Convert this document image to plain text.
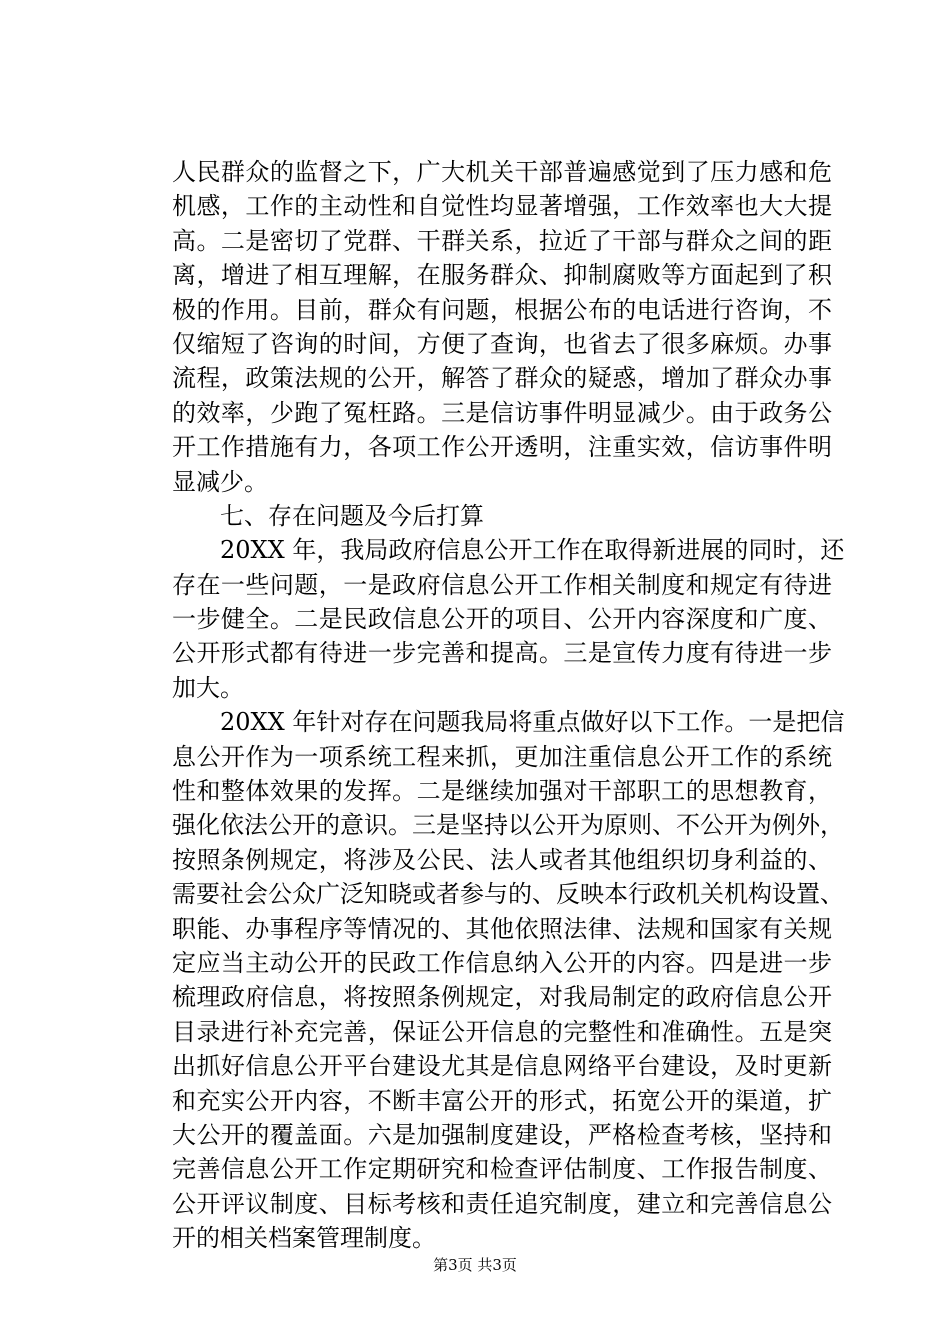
人民群众的监督之下，广大机关干部普遍感觉到了压力感和危
机感，工作的主动性和自觉性均显著增强，工作效率也大大提
高。二是密切了党群、干群关系，拉近了干部与群众之间的距
离，增进了相互理解，在服务群众、抑制腐败等方面起到了积
极的作用。目前，群众有问题，根据公布的电话进行咨询，不
仅缩短了咨询的时间，方便了查询，也省去了很多麻烦。办事
流程，政策法规的公开，解答了群众的疑惑，增加了群众办事
的效率，少跑了冤枉路。三是信访事件明显减少。由于政务公
开工作措施有力，各项工作公开透明，注重实效，信访事件明
显减少。
七、存在问题及今后打算
20XX 年，我局政府信息公开工作在取得新进展的同时，还
存在一些问题，一是政府信息公开工作相关制度和规定有待进
一步健全。二是民政信息公开的项目、公开内容深度和广度、
公开形式都有待进一步完善和提高。三是宣传力度有待进一步
加大。
20XX 年针对存在问题我局将重点做好以下工作。一是把信
息公开作为一项系统工程来抓，更加注重信息公开工作的系统
性和整体效果的发挥。二是继续加强对干部职工的思想教育，
强化依法公开的意识。三是坚持以公开为原则、不公开为例外，
按照条例规定，将涉及公民、法人或者其他组织切身利益的、
需要社会公众广泛知晓或者参与的、反映本行政机关机构设置、
职能、办事程序等情况的、其他依照法律、法规和国家有关规
定应当主动公开的民政工作信息纳入公开的内容。四是进一步
梳理政府信息，将按照条例规定，对我局制定的政府信息公开
目录进行补充完善，保证公开信息的完整性和准确性。五是突
出抓好信息公开平台建设尤其是信息网络平台建设，及时更新
和充实公开内容，不断丰富公开的形式，拓宽公开的渠道，扩
大公开的覆盖面。六是加强制度建设，严格检查考核，坚持和
完善信息公开工作定期研究和检查评估制度、工作报告制度、
公开评议制度、目标考核和责任追究制度，建立和完善信息公
开的相关档案管理制度。
第3页 共3页
